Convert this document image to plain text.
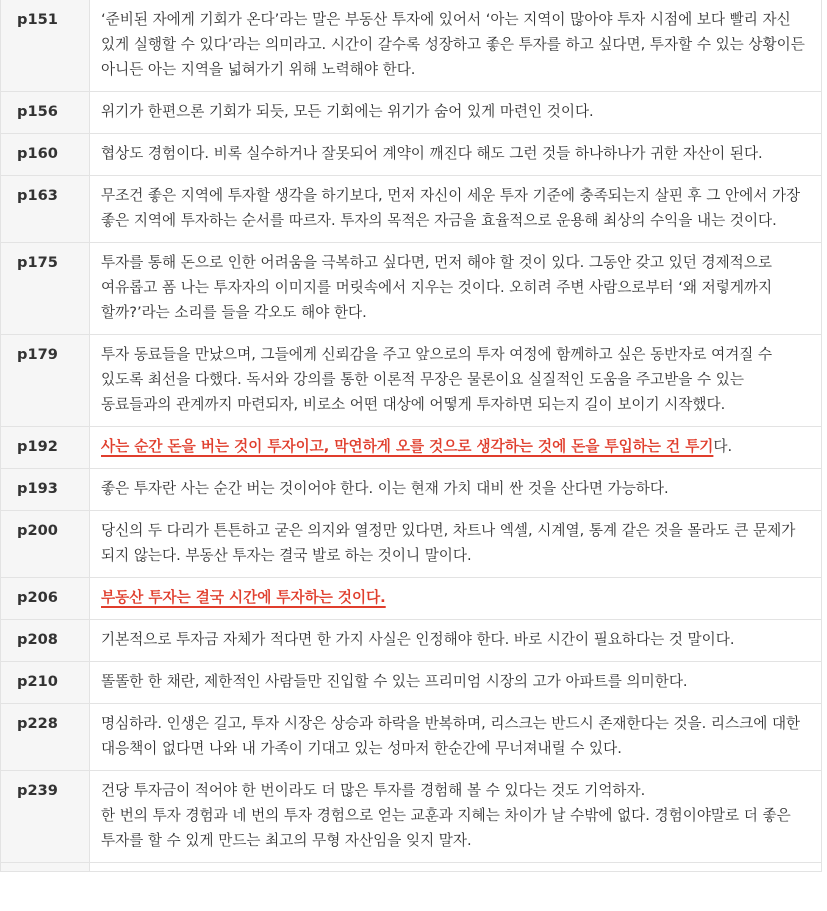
p151	‘준비된 자에게 기회가 온다’라는 말은 부동산 투자에 있어서 ‘아는 지역이 많아야 투자 시점에 보다 빨리 자신 있게 실행할 수 있다’라는 의미라고. 시간이 갈수록 성장하고 좋은 투자를 하고 싶다면, 투자할 수 있는 상황이든 아니든 아는 지역을 넓혀가기 위해 노력해야 한다.

p156	위기가 한편으론 기회가 되듯, 모든 기회에는 위기가 숨어 있게 마련인 것이다.

p160	협상도 경험이다. 비록 실수하거나 잘못되어 계약이 깨진다 해도 그런 것들 하나하나가 귀한 자산이 된다.

p163	무조건 좋은 지역에 투자할 생각을 하기보다, 먼저 자신이 세운 투자 기준에 충족되는지 살핀 후 그 안에서 가장 좋은 지역에 투자하는 순서를 따르자. 투자의 목적은 자금을 효율적으로 운용해 최상의 수익을 내는 것이다.

p175	투자를 통해 돈으로 인한 어려움을 극복하고 싶다면, 먼저 해야 할 것이 있다. 그동안 갖고 있던 경제적으로 여유롭고 폼 나는 투자자의 이미지를 머릿속에서 지우는 것이다. 오히려 주변 사람으로부터 ‘왜 저렇게까지 할까?’라는 소리를 들을 각오도 해야 한다.

p179	투자 동료들을 만났으며, 그들에게 신뢰감을 주고 앞으로의 투자 여정에 함께하고 싶은 동반자로 여겨질 수 있도록 최선을 다했다. 독서와 강의를 통한 이론적 무장은 물론이요 실질적인 도움을 주고받을 수 있는 동료들과의 관계까지 마련되자, 비로소 어떤 대상에 어떻게 투자하면 되는지 길이 보이기 시작했다.

p192	사는 순간 돈을 버는 것이 투자이고, 막연하게 오를 것으로 생각하는 것에 돈을 투입하는 건 투기다.
p193	좋은 투자란 사는 순간 버는 것이어야 한다. 이는 현재 가치 대비 싼 것을 산다면 가능하다.

p200	당신의 두 다리가 튼튼하고 굳은 의지와 열정만 있다면, 차트나 엑셀, 시계열, 통계 같은 것을 몰라도 큰 문제가 되지 않는다. 부동산 투자는 결국 발로 하는 것이니 말이다.

p206	부동산 투자는 결국 시간에 투자하는 것이다.
p208	기본적으로 투자금 자체가 적다면 한 가지 사실은 인정해야 한다. 바로 시간이 필요하다는 것 말이다.

p210	똘똘한 한 채란, 제한적인 사람들만 진입할 수 있는 프리미엄 시장의 고가 아파트를 의미한다.

p228	명심하라. 인생은 길고, 투자 시장은 상승과 하락을 반복하며, 리스크는 반드시 존재한다는 것을. 리스크에 대한 대응책이 없다면 나와 내 가족이 기대고 있는 성마저 한순간에 무너져내릴 수 있다.

p239	건당 투자금이 적어야 한 번이라도 더 많은 투자를 경험해 볼 수 있다는 것도 기억하자.
한 번의 투자 경험과 네 번의 투자 경험으로 얻는 교훈과 지혜는 차이가 날 수밖에 없다. 경험이야말로 더 좋은 투자를 할 수 있게 만드는 최고의 무형 자산임을 잊지 말자.
